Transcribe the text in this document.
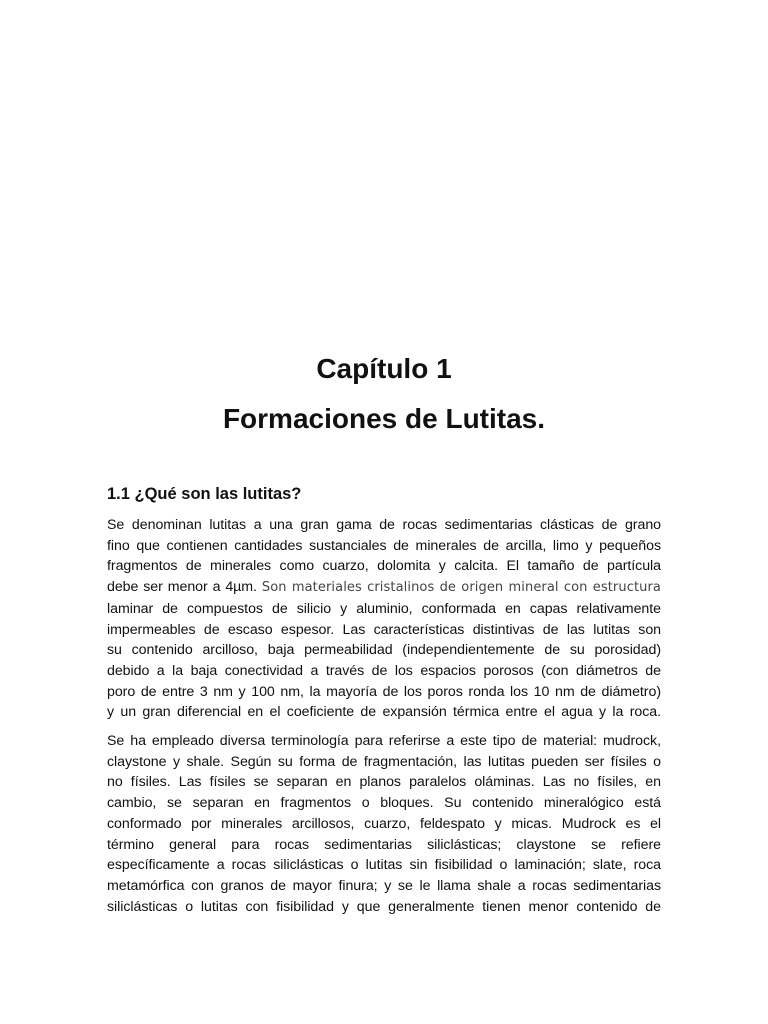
Capítulo 1
Formaciones de Lutitas.
1.1 ¿Qué son las lutitas?

Se denominan lutitas a una gran gama de rocas sedimentarias clásticas de grano
fino que contienen cantidades sustanciales de minerales de arcilla, limo y pequeños
fragmentos de minerales como cuarzo, dolomita y calcita. El tamaño de partícula
debe ser menor a 4µm. Son materiales cristalinos de origen mineral con estructura
laminar de compuestos de silicio y aluminio, conformada en capas relativamente
impermeables de escaso espesor. Las características distintivas de las lutitas son
su contenido arcilloso, baja permeabilidad (independientemente de su porosidad)
debido a la baja conectividad a través de los espacios porosos (con diámetros de
poro de entre 3 nm y 100 nm, la mayoría de los poros ronda los 10 nm de diámetro)
y un gran diferencial en el coeficiente de expansión térmica entre el agua y la roca.

Se ha empleado diversa terminología para referirse a este tipo de material: mudrock,
claystone y shale. Según su forma de fragmentación, las lutitas pueden ser físiles o
no físiles. Las físiles se separan en planos paralelos oláminas. Las no físiles, en
cambio, se separan en fragmentos o bloques. Su contenido mineralógico está
conformado por minerales arcillosos, cuarzo, feldespato y micas. Mudrock es el
término general para rocas sedimentarias siliclásticas; claystone se refiere
específicamente a rocas siliclásticas o lutitas sin fisibilidad o laminación; slate, roca
metamórfica con granos de mayor finura; y se le llama shale a rocas sedimentarias
siliclásticas o lutitas con fisibilidad y que generalmente tienen menor contenido de
